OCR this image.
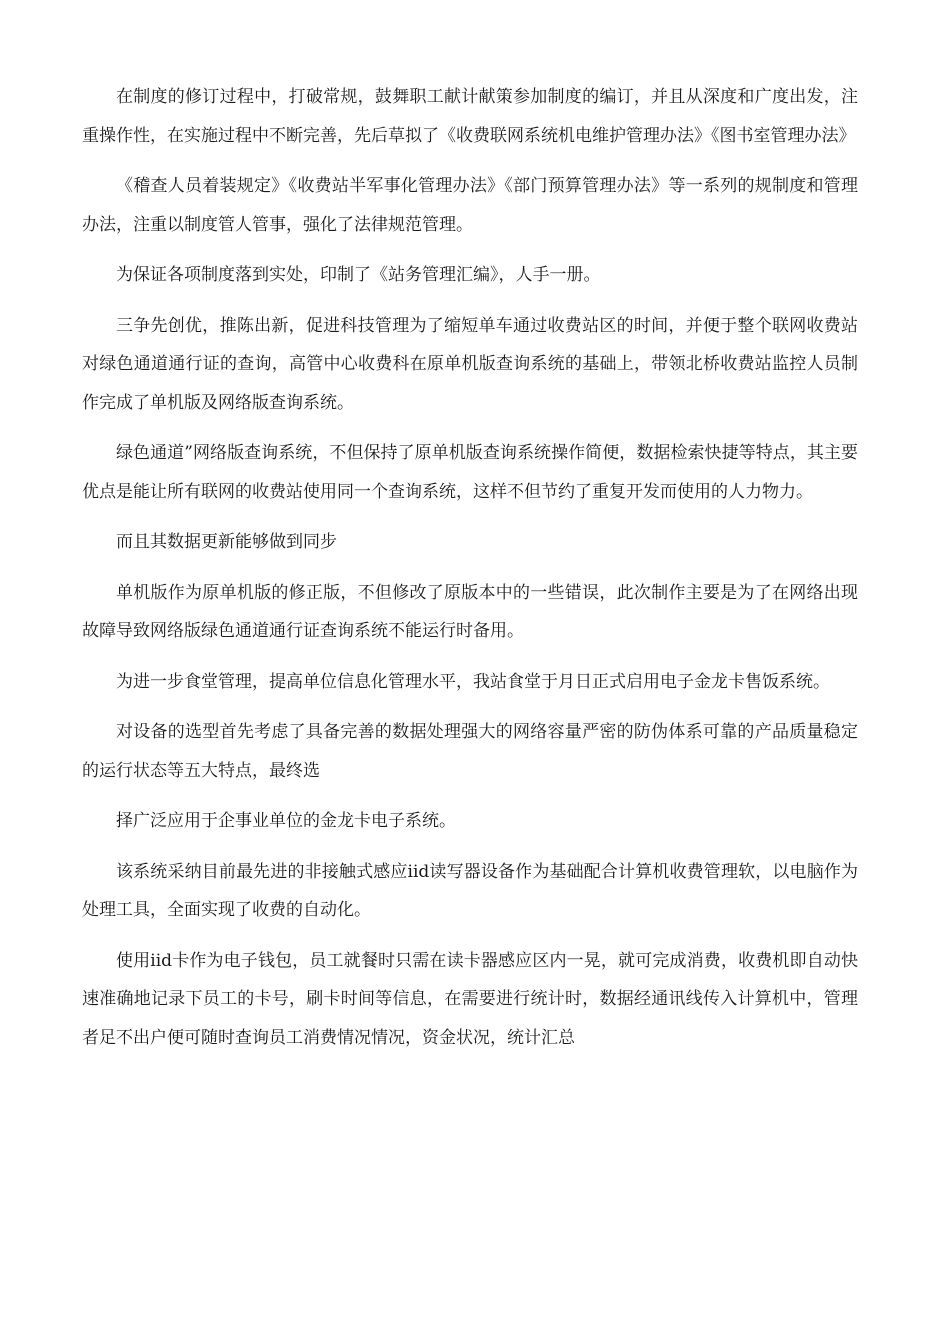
在制度的修订过程中，打破常规，鼓舞职工献计献策参加制度的编订，并且从深度和广度出发，注重操作性，在实施过程中不断完善，先后草拟了《收费联网系统机电维护管理办法》《图书室管理办法》

《稽查人员着装规定》《收费站半军事化管理办法》《部门预算管理办法》等一系列的规制度和管理办法，注重以制度管人管事，强化了法律规范管理。

为保证各项制度落到实处，印制了《站务管理汇编》，人手一册。

三争先创优，推陈出新，促进科技管理为了缩短单车通过收费站区的时间，并便于整个联网收费站对绿色通道通行证的查询，高管中心收费科在原单机版查询系统的基础上，带领北桥收费站监控人员制作完成了单机版及网络版查询系统。

绿色通道”网络版查询系统，不但保持了原单机版查询系统操作简便，数据检索快捷等特点，其主要优点是能让所有联网的收费站使用同一个查询系统，这样不但节约了重复开发而使用的人力物力。

而且其数据更新能够做到同步

单机版作为原单机版的修正版，不但修改了原版本中的一些错误，此次制作主要是为了在网络出现故障导致网络版绿色通道通行证查询系统不能运行时备用。

为进一步食堂管理，提高单位信息化管理水平，我站食堂于月日正式启用电子金龙卡售饭系统。

对设备的选型首先考虑了具备完善的数据处理强大的网络容量严密的防伪体系可靠的产品质量稳定的运行状态等五大特点，最终选

择广泛应用于企事业单位的金龙卡电子系统。

该系统采纳目前最先进的非接触式感应iid读写器设备作为基础配合计算机收费管理软，以电脑作为处理工具，全面实现了收费的自动化。

使用iid卡作为电子钱包，员工就餐时只需在读卡器感应区内一晃，就可完成消费，收费机即自动快速准确地记录下员工的卡号，刷卡时间等信息，在需要进行统计时，数据经通讯线传入计算机中，管理者足不出户便可随时查询员工消费情况情况，资金状况，统计汇总
